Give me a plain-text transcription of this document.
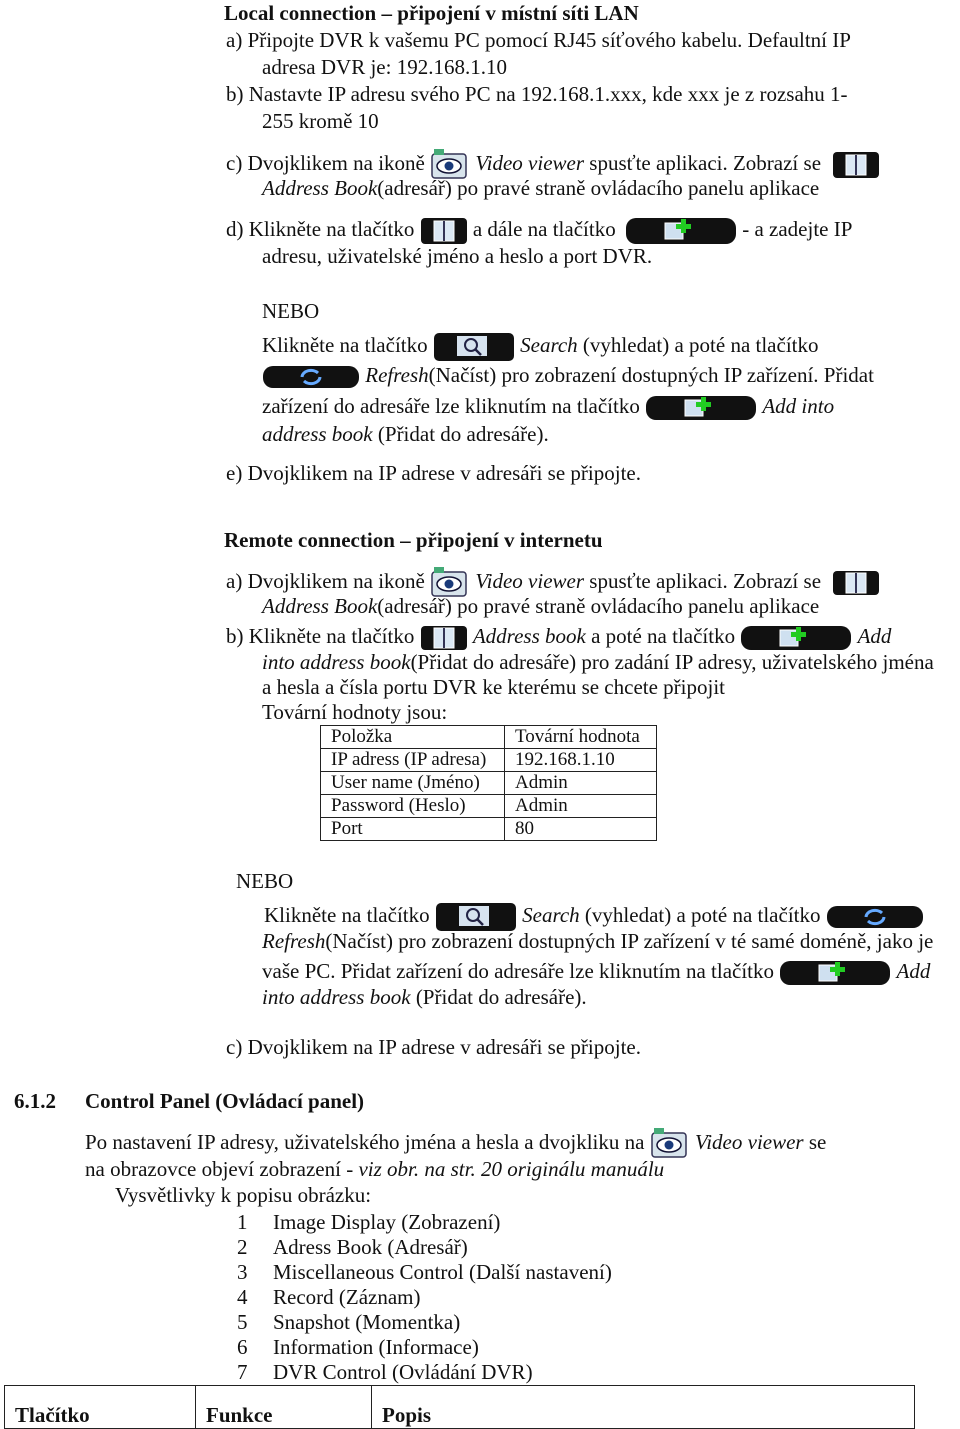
Local connection – připojení v místní síti LAN
a) Připojte DVR k vašemu PC pomocí RJ45 síťového kabelu. Defaultní IP
adresa DVR je: 192.168.1.10
b) Nastavte IP adresu svého PC na 192.168.1.xxx, kde xxx je z rozsahu 1-
255 kromě 10
c) Dvojklikem na ikoně Video viewer spusťte aplikaci. Zobrazí se
Address Book(adresář) po pravé straně ovládacího panelu aplikace
d) Klikněte na tlačítko	a dále na tlačítko	- a zadejte IP
adresu, uživatelské jméno a heslo a port DVR.
NEBO
Klikněte na tlačítko	Search (vyhledat) a poté na tlačítko
Refresh(Načíst) pro zobrazení dostupných IP zařízení. Přidat
zařízení do adresáře lze kliknutím na tlačítko	Add into
address book (Přidat do adresáře).
e) Dvojklikem na IP adrese v adresáři se připojte.
Remote connection – připojení v internetu
a) Dvojklikem na ikoně Video viewer spusťte aplikaci. Zobrazí se
Address Book(adresář) po pravé straně ovládacího panelu aplikace
b) Klikněte na tlačítko	Address book a poté na tlačítko	Add
into address book(Přidat do adresáře) pro zadání IP adresy, uživatelského jména
a hesla a čísla portu DVR ke kterému se chcete připojit
Tovární hodnoty jsou:
Položka	Tovární hodnota
IP adress (IP adresa)	192.168.1.10
User name (Jméno)	Admin
Password (Heslo)	Admin
Port	80
NEBO
Klikněte na tlačítko	Search (vyhledat) a poté na tlačítko
Refresh(Načíst) pro zobrazení dostupných IP zařízení v té samé doméně, jako je
vaše PC. Přidat zařízení do adresáře lze kliknutím na tlačítko	Add
into address book (Přidat do adresáře).
c) Dvojklikem na IP adrese v adresáři se připojte.
6.1.2 Control Panel (Ovládací panel)
Po nastavení IP adresy, uživatelského jména a hesla a dvojkliku na Video viewer se
na obrazovce objeví zobrazení - viz obr. na str. 20 originálu manuálu
Vysvětlivky k popisu obrázku:
1 Image Display (Zobrazení)
2 Adress Book (Adresář)
3 Miscellaneous Control (Další nastavení)
4 Record (Záznam)
5 Snapshot (Momentka)
6 Information (Informace)
7 DVR Control (Ovládání DVR)
Tlačítko	Funkce	Popis
